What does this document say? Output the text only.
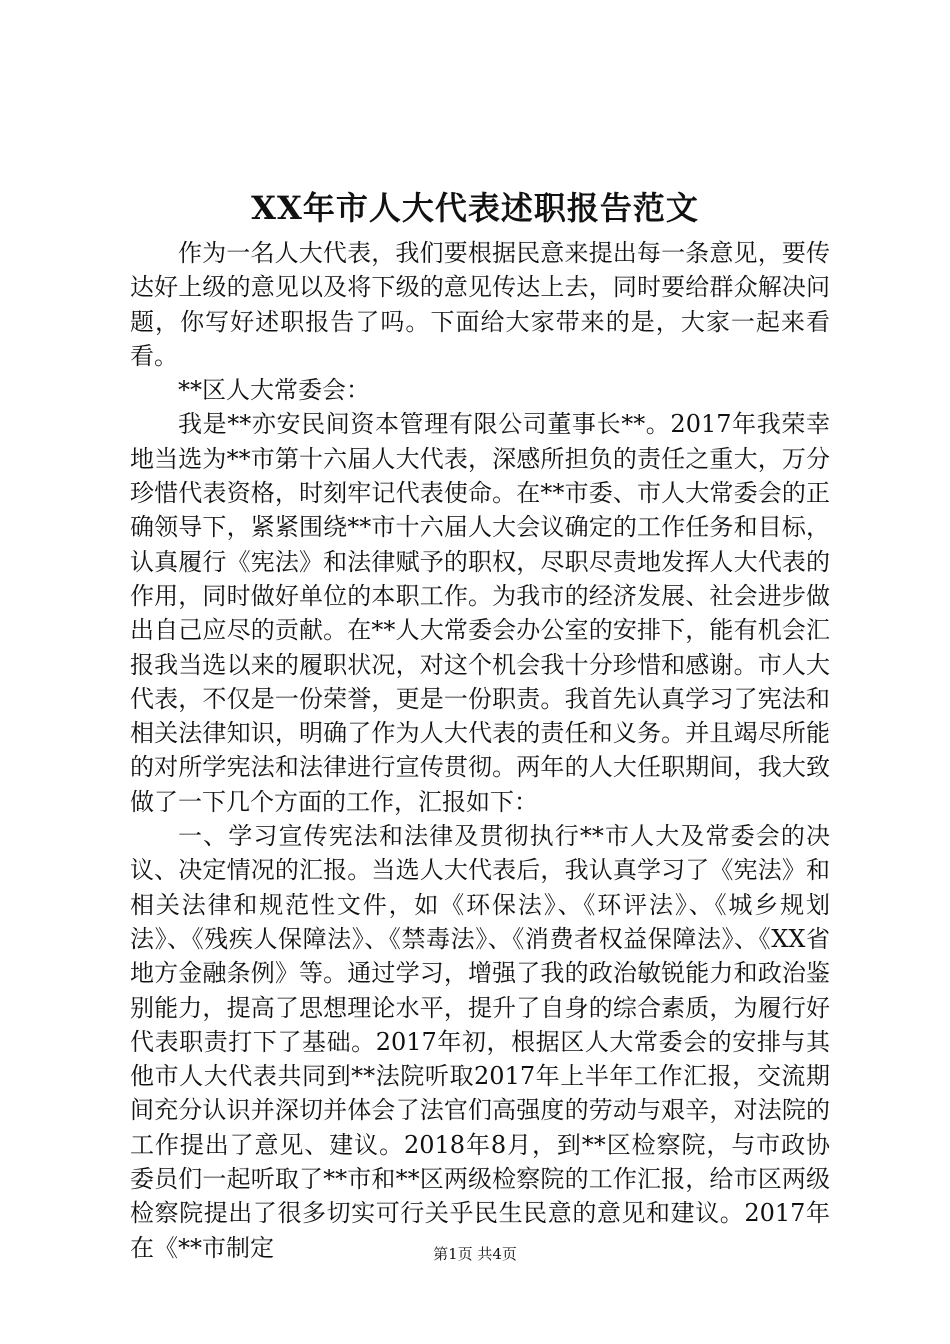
XX年市人大代表述职报告范文

作为一名人大代表，我们要根据民意来提出每一条意见，要传达好上级的意见以及将下级的意见传达上去，同时要给群众解决问题，你写好述职报告了吗。下面给大家带来的是，大家一起来看看。

**区人大常委会：

我是**亦安民间资本管理有限公司董事长**。2017年我荣幸地当选为**市第十六届人大代表，深感所担负的责任之重大，万分珍惜代表资格，时刻牢记代表使命。在**市委、市人大常委会的正确领导下，紧紧围绕**市十六届人大会议确定的工作任务和目标，认真履行《宪法》和法律赋予的职权，尽职尽责地发挥人大代表的作用，同时做好单位的本职工作。为我市的经济发展、社会进步做出自己应尽的贡献。在**人大常委会办公室的安排下，能有机会汇报我当选以来的履职状况，对这个机会我十分珍惜和感谢。市人大代表，不仅是一份荣誉，更是一份职责。我首先认真学习了宪法和相关法律知识，明确了作为人大代表的责任和义务。并且竭尽所能的对所学宪法和法律进行宣传贯彻。两年的人大任职期间，我大致做了一下几个方面的工作，汇报如下：

一、学习宣传宪法和法律及贯彻执行**市人大及常委会的决议、决定情况的汇报。当选人大代表后，我认真学习了《宪法》和相关法律和规范性文件，如《环保法》、《环评法》、《城乡规划法》、《残疾人保障法》、《禁毒法》、《消费者权益保障法》、《XX省地方金融条例》等。通过学习，增强了我的政治敏锐能力和政治鉴别能力，提高了思想理论水平，提升了自身的综合素质，为履行好代表职责打下了基础。2017年初，根据区人大常委会的安排与其他市人大代表共同到**法院听取2017年上半年工作汇报，交流期间充分认识并深切并体会了法官们高强度的劳动与艰辛，对法院的工作提出了意见、建议。2018年8月，到**区检察院，与市政协委员们一起听取了**市和**区两级检察院的工作汇报，给市区两级检察院提出了很多切实可行关乎民生民意的意见和建议。2017年在《**市制定	第1页 共4页
